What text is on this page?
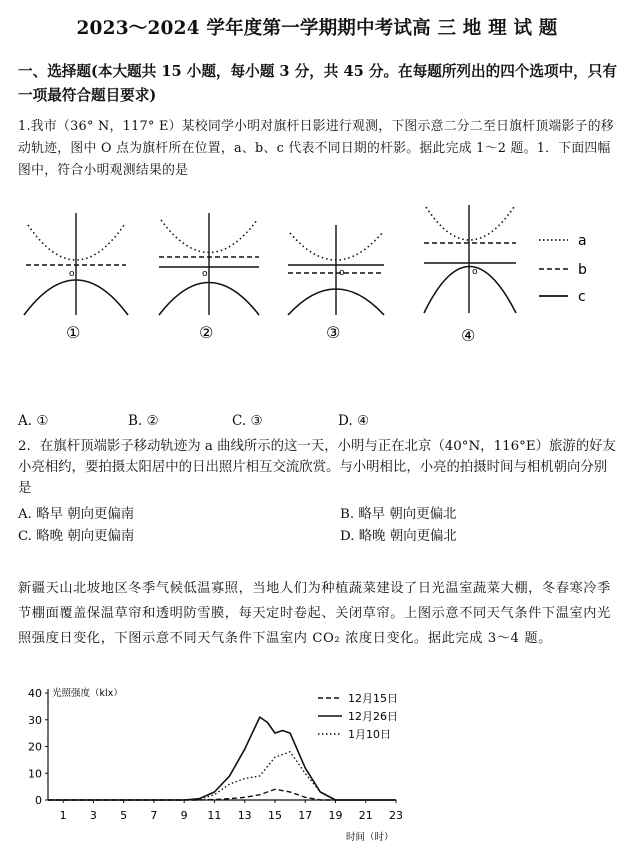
2023～2024 学年度第一学期期中考试高 三 地 理 试 题
一、选择题(本大题共 15 小题，每小题 3 分，共 45 分。在每题所列出的四个选项中，只有一项最符合题目要求)
1.我市（36° N，117° E）某校同学小明对旗杆日影进行观测，下图示意二分二至日旗杆顶端影子的移动轨迹，图中 O 点为旗杆所在位置，a、b、c 代表不同日期的杆影。据此完成 1～2 题。1．下面四幅图中，符合小明观测结果的是
o
①
o
②
o
③
o
④
a
b
c
A. ①	B. ②	C. ③	D. ④
2．在旗杆顶端影子移动轨迹为 a 曲线所示的这一天，小明与正在北京（40°N，116°E）旅游的好友小亮相约，要拍摄太阳居中的日出照片相互交流欣赏。与小明相比，小亮的拍摄时间与相机朝向分别是
A. 略早 朝向更偏南	B. 略早 朝向更偏北
C. 略晚 朝向更偏南	D. 略晚 朝向更偏北
新疆天山北坡地区冬季气候低温寡照，当地人们为种植蔬菜建设了日光温室蔬菜大棚，冬春寒冷季节棚面覆盖保温草帘和透明防雪膜，每天定时卷起、关闭草帘。上图示意不同天气条件下温室内光照强度日变化，下图示意不同天气条件下温室内 CO₂ 浓度日变化。据此完成 3～4 题。
0
10
20
30
40
1 3 5 7 9 11 13 15 17 19 21 23
光照强度（klx）
时间（时）
12月15日
12月26日
1月10日
